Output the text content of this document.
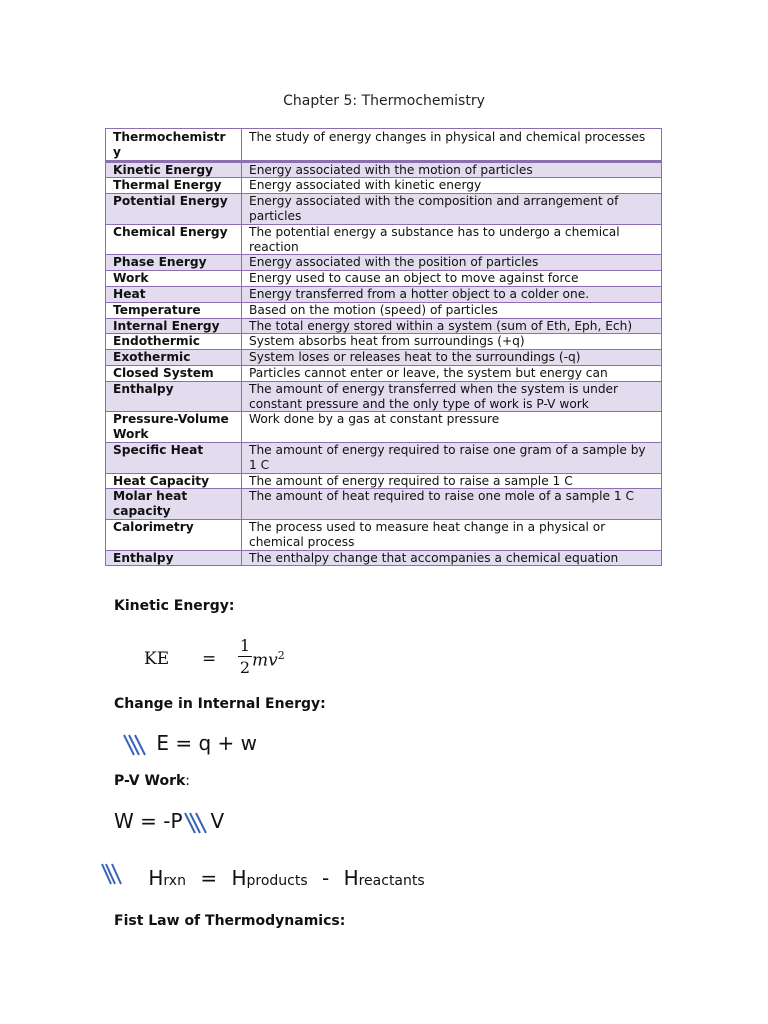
Chapter 5: Thermochemistry
Thermochemistr y	The study of energy changes in physical and chemical processes
Kinetic Energy	Energy associated with the motion of particles
Thermal Energy	Energy associated with kinetic energy
Potential Energy	Energy associated with the composition and arrangement of particles
Chemical Energy	The potential energy a substance has to undergo a chemical reaction
Phase Energy	Energy associated with the position of particles
Work	Energy used to cause an object to move against force
Heat	Energy transferred from a hotter object to a colder one.
Temperature	Based on the motion (speed) of particles
Internal Energy	The total energy stored within a system (sum of Eth, Eph, Ech)
Endothermic	System absorbs heat from surroundings (+q)
Exothermic	System loses or releases heat to the surroundings (-q)
Closed System	Particles cannot enter or leave, the system but energy can
Enthalpy	The amount of energy transferred when the system is under constant pressure and the only type of work is P-V work
Pressure-Volume Work	Work done by a gas at constant pressure
Specific Heat	The amount of energy required to raise one gram of a sample by 1 C
Heat Capacity	The amount of energy required to raise a sample 1 C
Molar heat capacity	The amount of heat required to raise one mole of a sample 1 C
Calorimetry	The process used to measure heat change in a physical or chemical process
Enthalpy	The enthalpy change that accompanies a chemical equation
Kinetic Energy:
KE =
1
2 $mv^2$
Change in Internal Energy:
E = q + w
P-V Work:
W = -P V
Hrxn = Hproducts - Hreactants
Fist Law of Thermodynamics:
